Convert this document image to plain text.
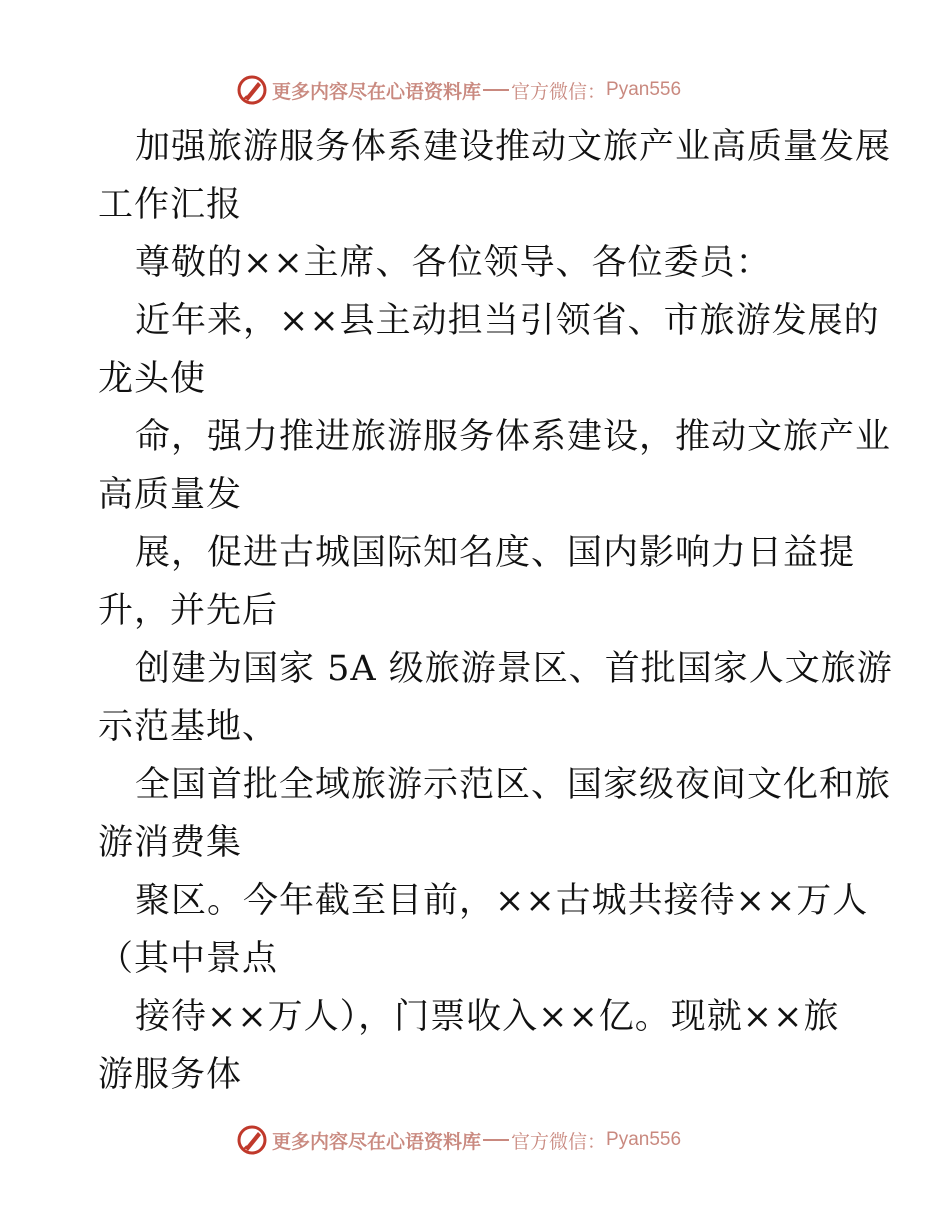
更多内容尽在心语资料库 官方微信： Pyan556
加强旅游服务体系建设推动文旅产业高质量发展
工作汇报
尊敬的××主席、各位领导、各位委员：
近年来，××县主动担当引领省、市旅游发展的
龙头使
命，强力推进旅游服务体系建设，推动文旅产业
高质量发
展，促进古城国际知名度、国内影响力日益提
升，并先后
创建为国家 5A 级旅游景区、首批国家人文旅游
示范基地、
全国首批全域旅游示范区、国家级夜间文化和旅
游消费集
聚区。今年截至目前，××古城共接待××万人
（其中景点
接待××万人），门票收入××亿。现就××旅
游服务体
更多内容尽在心语资料库 官方微信： Pyan556
